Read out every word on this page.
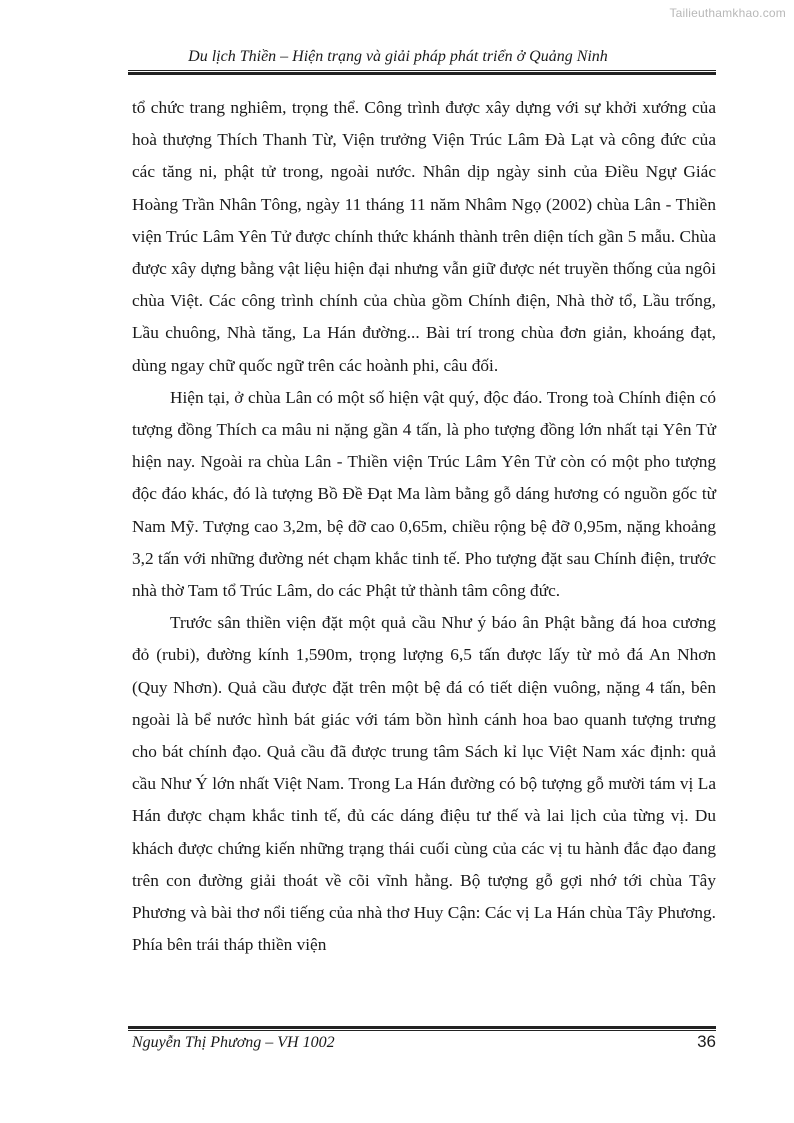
Tailieuthamkhao.com
Du lịch Thiền – Hiện trạng và giải pháp phát triển ở Quảng Ninh

tổ chức trang nghiêm, trọng thể. Công trình được xây dựng với sự khởi xướng của hoà thượng Thích Thanh Từ, Viện trưởng Viện Trúc Lâm Đà Lạt và công đức của các tăng ni, phật tử trong, ngoài nước. Nhân dịp ngày sinh của Điều Ngự Giác Hoàng Trần Nhân Tông, ngày 11 tháng 11 năm Nhâm Ngọ (2002) chùa Lân - Thiền viện Trúc Lâm Yên Tử được chính thức khánh thành trên diện tích gần 5 mẫu. Chùa được xây dựng bằng vật liệu hiện đại nhưng vẫn giữ được nét truyền thống của ngôi chùa Việt. Các công trình chính của chùa gồm Chính điện, Nhà thờ tổ, Lầu trống, Lầu chuông, Nhà tăng, La Hán đường... Bài trí trong chùa đơn giản, khoáng đạt, dùng ngay chữ quốc ngữ trên các hoành phi, câu đối.

Hiện tại, ở chùa Lân có một số hiện vật quý, độc đáo. Trong toà Chính điện có tượng đồng Thích ca mâu ni nặng gần 4 tấn, là pho tượng đồng lớn nhất tại Yên Tử hiện nay. Ngoài ra chùa Lân - Thiền viện Trúc Lâm Yên Tử còn có một pho tượng độc đáo khác, đó là tượng Bồ Đề Đạt Ma làm bằng gỗ dáng hương có nguồn gốc từ Nam Mỹ. Tượng cao 3,2m, bệ đỡ cao 0,65m, chiều rộng bệ đỡ 0,95m, nặng khoảng 3,2 tấn với những đường nét chạm khắc tinh tế. Pho tượng đặt sau Chính điện, trước nhà thờ Tam tổ Trúc Lâm, do các Phật tử thành tâm công đức.

Trước sân thiền viện đặt một quả cầu Như ý báo ân Phật bằng đá hoa cương đỏ (rubi), đường kính 1,590m, trọng lượng 6,5 tấn được lấy từ mỏ đá An Nhơn (Quy Nhơn). Quả cầu được đặt trên một bệ đá có tiết diện vuông, nặng 4 tấn, bên ngoài là bể nước hình bát giác với tám bồn hình cánh hoa bao quanh tượng trưng cho bát chính đạo. Quả cầu đã được trung tâm Sách kỉ lục Việt Nam xác định: quả cầu Như Ý lớn nhất Việt Nam. Trong La Hán đường có bộ tượng gỗ mười tám vị La Hán được chạm khắc tinh tế, đủ các dáng điệu tư thế và lai lịch của từng vị. Du khách được chứng kiến những trạng thái cuối cùng của các vị tu hành đắc đạo đang trên con đường giải thoát về cõi vĩnh hằng. Bộ tượng gỗ gợi nhớ tới chùa Tây Phương và bài thơ nổi tiếng của nhà thơ Huy Cận: Các vị La Hán chùa Tây Phương. Phía bên trái tháp thiền viện

Nguyễn Thị Phương – VH 1002	36
